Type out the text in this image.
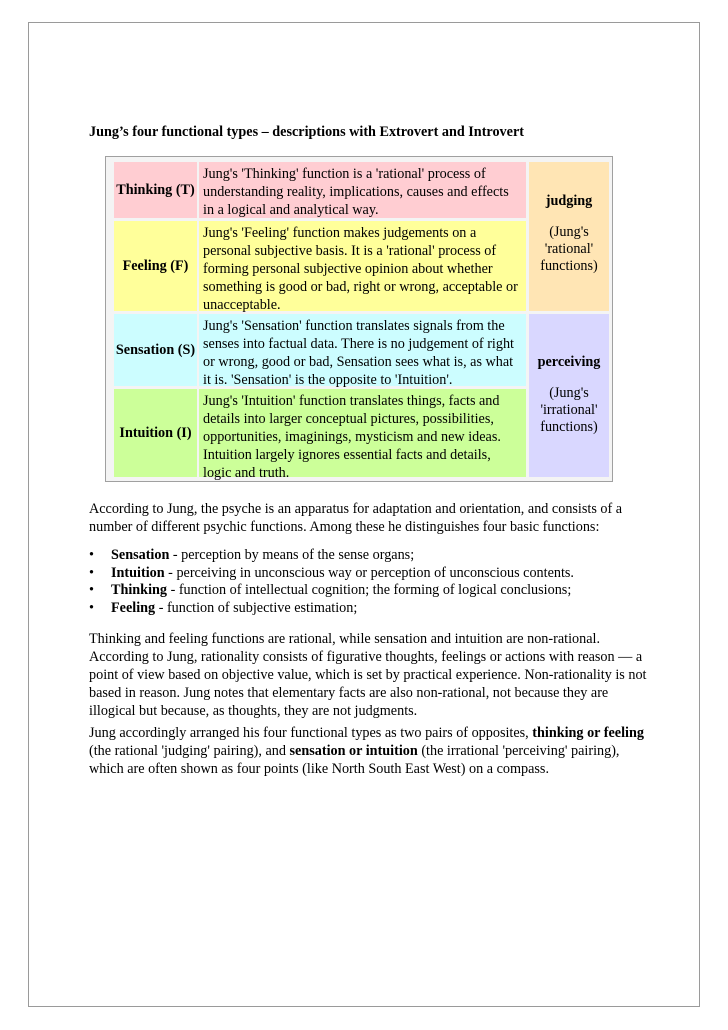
Jung’s four functional types – descriptions with Extrovert and Introvert
Thinking (T)
Jung's 'Thinking' function is a 'rational' process of understanding reality, implications, causes and effects in a logical and analytical way.
Feeling (F)
Jung's 'Feeling' function makes judgements on a personal subjective basis. It is a 'rational' process of forming personal subjective opinion about whether something is good or bad, right or wrong, acceptable or unacceptable.
Sensation (S)
Jung's 'Sensation' function translates signals from the senses into factual data. There is no judgement of right or wrong, good or bad, Sensation sees what is, as what it is. 'Sensation' is the opposite to 'Intuition'.
Intuition (I)
Jung's 'Intuition' function translates things, facts and details into larger conceptual pictures, possibilities, opportunities, imaginings, mysticism and new ideas. Intuition largely ignores essential facts and details, logic and truth.
judging
(Jung's 'rational' functions)
perceiving
(Jung's 'irrational' functions)

According to Jung, the psyche is an apparatus for adaptation and orientation, and consists of a number of different psychic functions. Among these he distinguishes four basic functions:

• Sensation - perception by means of the sense organs;
• Intuition - perceiving in unconscious way or perception of unconscious contents.
• Thinking - function of intellectual cognition; the forming of logical conclusions;
• Feeling - function of subjective estimation;

Thinking and feeling functions are rational, while sensation and intuition are non-rational. According to Jung, rationality consists of figurative thoughts, feelings or actions with reason — a point of view based on objective value, which is set by practical experience. Non-rationality is not based in reason. Jung notes that elementary facts are also non-rational, not because they are illogical but because, as thoughts, they are not judgments.

Jung accordingly arranged his four functional types as two pairs of opposites, thinking or feeling (the rational 'judging' pairing), and sensation or intuition (the irrational 'perceiving' pairing), which are often shown as four points (like North South East West) on a compass.
